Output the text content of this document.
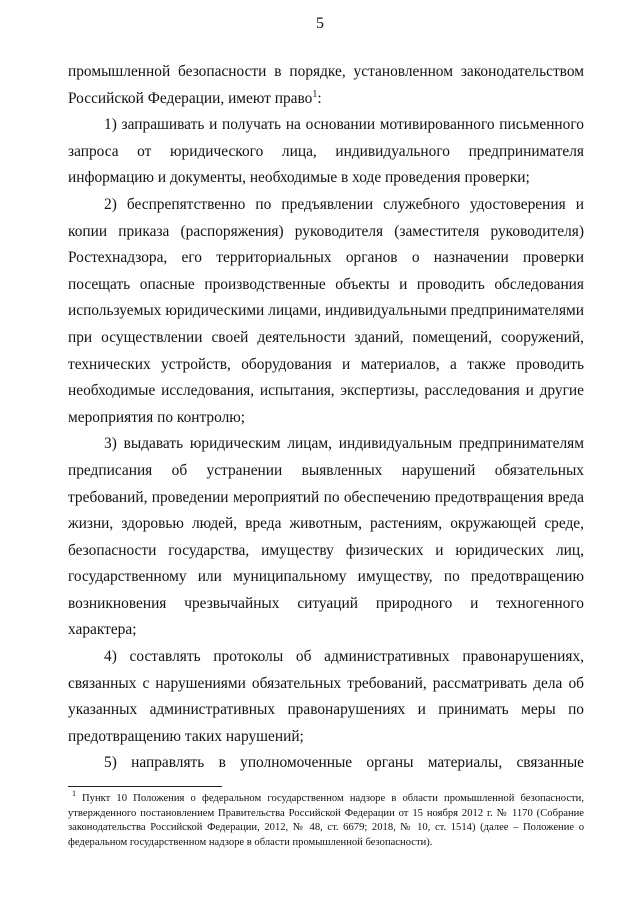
5

промышленной безопасности в порядке, установленном законодательством Российской Федерации, имеют право$^1$:

1) запрашивать и получать на основании мотивированного письменного запроса от юридического лица, индивидуального предпринимателя информацию и документы, необходимые в ходе проведения проверки;

2) беспрепятственно по предъявлении служебного удостоверения и копии приказа (распоряжения) руководителя (заместителя руководителя) Ростехнадзора, его территориальных органов о назначении проверки посещать опасные производственные объекты и проводить обследования используемых юридическими лицами, индивидуальными предпринимателями при осуществлении своей деятельности зданий, помещений, сооружений, технических устройств, оборудования и материалов, а также проводить необходимые исследования, испытания, экспертизы, расследования и другие мероприятия по контролю;

3) выдавать юридическим лицам, индивидуальным предпринимателям предписания об устранении выявленных нарушений обязательных требований, проведении мероприятий по обеспечению предотвращения вреда жизни, здоровью людей, вреда животным, растениям, окружающей среде, безопасности государства, имуществу физических и юридических лиц, государственному или муниципальному имуществу, по предотвращению возникновения чрезвычайных ситуаций природного и техногенного характера;

4) составлять протоколы об административных правонарушениях, связанных с нарушениями обязательных требований, рассматривать дела об указанных административных правонарушениях и принимать меры по предотвращению таких нарушений;

5) направлять в уполномоченные органы материалы, связанные

$^1$ Пункт 10 Положения о федеральном государственном надзоре в области промышленной безопасности, утвержденного постановлением Правительства Российской Федерации от 15 ноября 2012 г. № 1170 (Собрание законодательства Российской Федерации, 2012, № 48, ст. 6679; 2018, № 10, ст. 1514) (далее – Положение о федеральном государственном надзоре в области промышленной безопасности).
